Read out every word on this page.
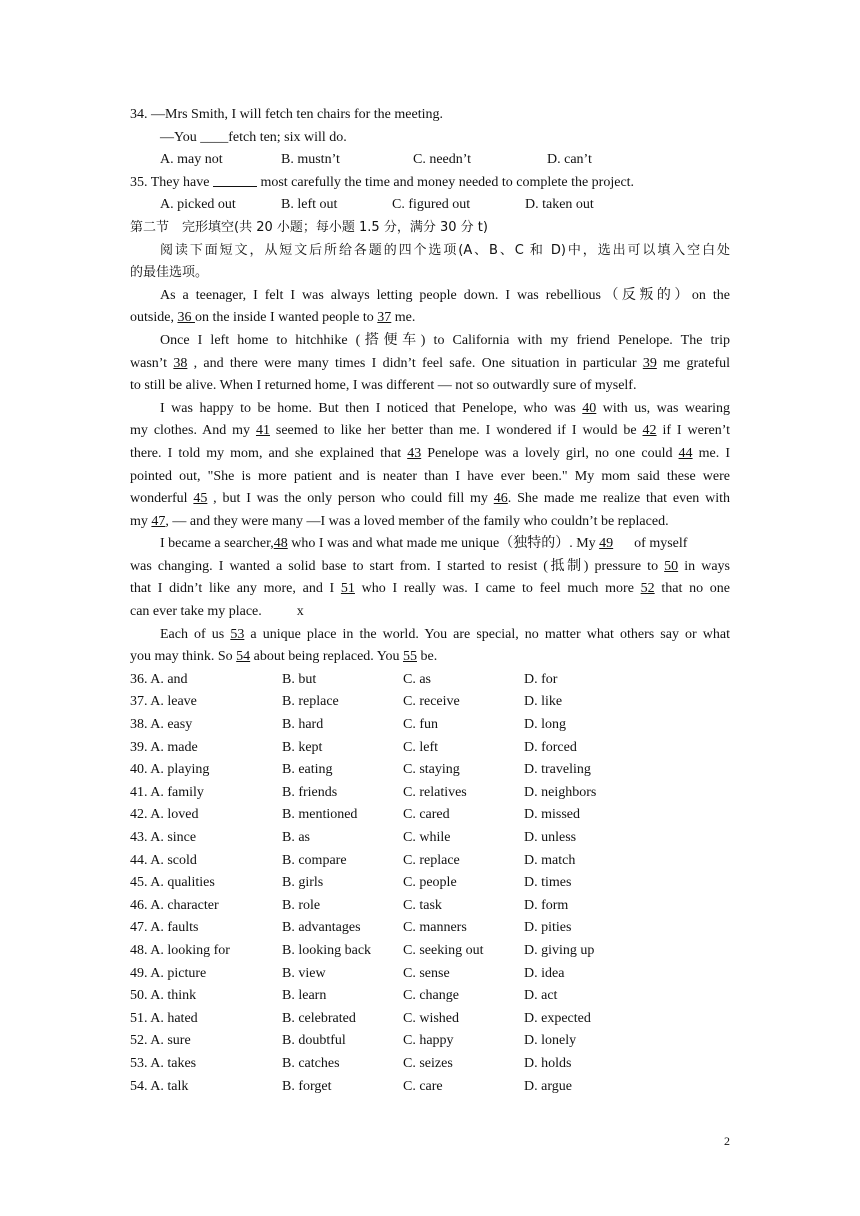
34. —Mrs Smith, I will fetch ten chairs for the meeting.
—You ____fetch ten; six will do.
A. may not	B. mustn’t	C. needn’t	D. can’t
35. They have	most carefully the time and money needed to complete the project.
A. picked out	B. left out	C. figured out	D. taken out
第二节　完形填空(共 20 小题；每小题 1.5 分，满分 30 分 t)
阅读下面短文，从短文后所给各题的四个选项(A、B、C 和 D)中，选出可以填入空白处
的最佳选项。
As a teenager, I felt I was always letting people down. I was rebellious（反叛的）on the
outside, 36 on the inside I wanted people to 37 me.
Once I left home to hitchhike (搭便车) to California with my friend Penelope. The trip
wasn’t 38 , and there were many times I didn’t feel safe. One situation in particular 39 me grateful
to still be alive. When I returned home, I was different — not so outwardly sure of myself.
I was happy to be home. But then I noticed that Penelope, who was 40 with us, was wearing
my clothes. And my 41 seemed to like her better than me. I wondered if I would be 42 if I weren’t
there. I told my mom, and she explained that 43 Penelope was a lovely girl, no one could 44 me. I
pointed out, "She is more patient and is neater than I have ever been." My mom said these were
wonderful 45 , but I was the only person who could fill my 46. She made me realize that even with
my 47, — and they were many —I was a loved member of the family who couldn’t be replaced.
I became a searcher,48 who I was and what made me unique（独特的）. My 49      of myself
was changing. I wanted a solid base to start from. I started to resist (抵制) pressure to 50 in ways
that I didn’t like any more, and I 51 who I really was. I came to feel much more 52 that no one
can ever take my place.          x
Each of us 53 a unique place in the world. You are special, no matter what others say or what
you may think. So 54 about being replaced. You 55 be.
36. A. and	B. but	C. as	D. for
37. A. leave	B. replace	C. receive	D. like
38. A. easy	B. hard	C. fun	D. long
39. A. made	B. kept	C. left	D. forced
40. A. playing	B. eating	C. staying	D. traveling
41. A. family	B. friends	C. relatives	D. neighbors
42. A. loved	B. mentioned	C. cared	D. missed
43. A. since	B. as	C. while	D. unless
44. A. scold	B. compare	C. replace	D. match
45. A. qualities	B. girls	C. people	D. times
46. A. character	B. role	C. task	D. form
47. A. faults	B. advantages	C. manners	D. pities
48. A. looking for	B. looking back	C. seeking out	D. giving up
49. A. picture	B. view	C. sense	D. idea
50. A. think	B. learn	C. change	D. act
51. A. hated	B. celebrated	C. wished	D. expected
52. A. sure	B. doubtful	C. happy	D. lonely
53. A. takes	B. catches	C. seizes	D. holds
54. A. talk	B. forget	C. care	D. argue
2
